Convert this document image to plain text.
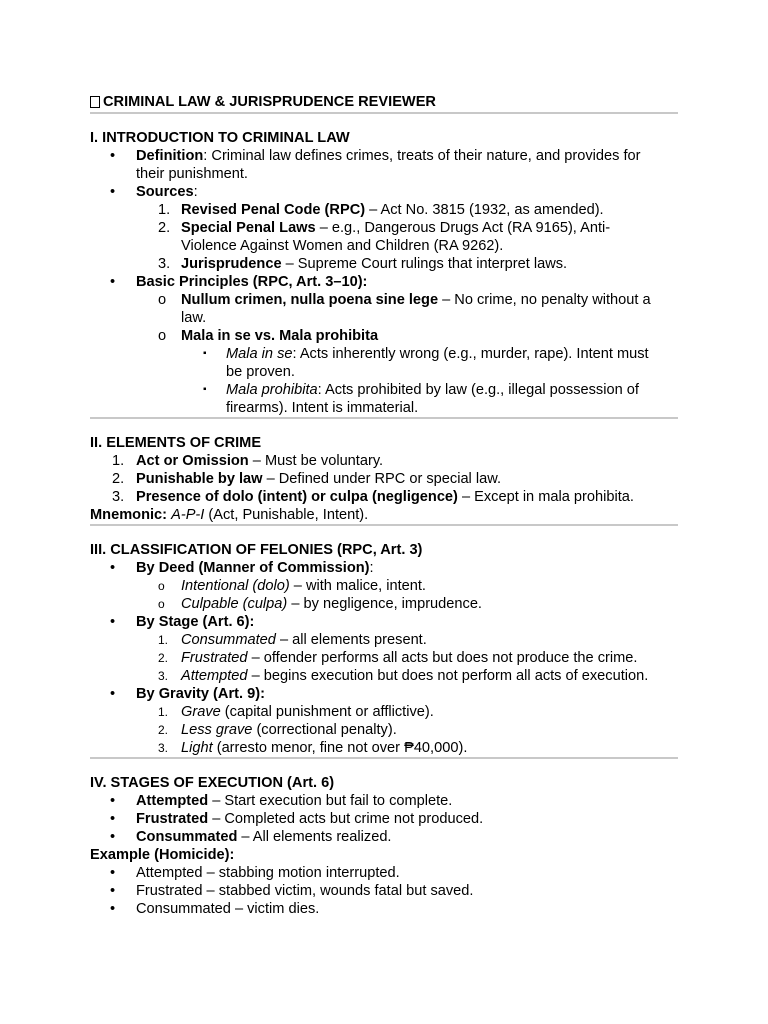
CRIMINAL LAW & JURISPRUDENCE REVIEWER
I. INTRODUCTION TO CRIMINAL LAW
• Definition: Criminal law defines crimes, treats of their nature, and provides for
their punishment.
• Sources:
1. Revised Penal Code (RPC) – Act No. 3815 (1932, as amended).
2. Special Penal Laws – e.g., Dangerous Drugs Act (RA 9165), Anti-
Violence Against Women and Children (RA 9262).
3. Jurisprudence – Supreme Court rulings that interpret laws.
• Basic Principles (RPC, Art. 3–10):
o Nullum crimen, nulla poena sine lege – No crime, no penalty without a
law.
o Mala in se vs. Mala prohibita
▪ Mala in se: Acts inherently wrong (e.g., murder, rape). Intent must
be proven.
▪ Mala prohibita: Acts prohibited by law (e.g., illegal possession of
firearms). Intent is immaterial.
II. ELEMENTS OF CRIME
1. Act or Omission – Must be voluntary.
2. Punishable by law – Defined under RPC or special law.
3. Presence of dolo (intent) or culpa (negligence) – Except in mala prohibita.
Mnemonic: A-P-I (Act, Punishable, Intent).
III. CLASSIFICATION OF FELONIES (RPC, Art. 3)
• By Deed (Manner of Commission):
o Intentional (dolo) – with malice, intent.
o Culpable (culpa) – by negligence, imprudence.
• By Stage (Art. 6):
1. Consummated – all elements present.
2. Frustrated – offender performs all acts but does not produce the crime.
3. Attempted – begins execution but does not perform all acts of execution.
• By Gravity (Art. 9):
1. Grave (capital punishment or afflictive).
2. Less grave (correctional penalty).
3. Light (arresto menor, fine not over ₱40,000).
IV. STAGES OF EXECUTION (Art. 6)
• Attempted – Start execution but fail to complete.
• Frustrated – Completed acts but crime not produced.
• Consummated – All elements realized.
Example (Homicide):
• Attempted – stabbing motion interrupted.
• Frustrated – stabbed victim, wounds fatal but saved.
• Consummated – victim dies.
